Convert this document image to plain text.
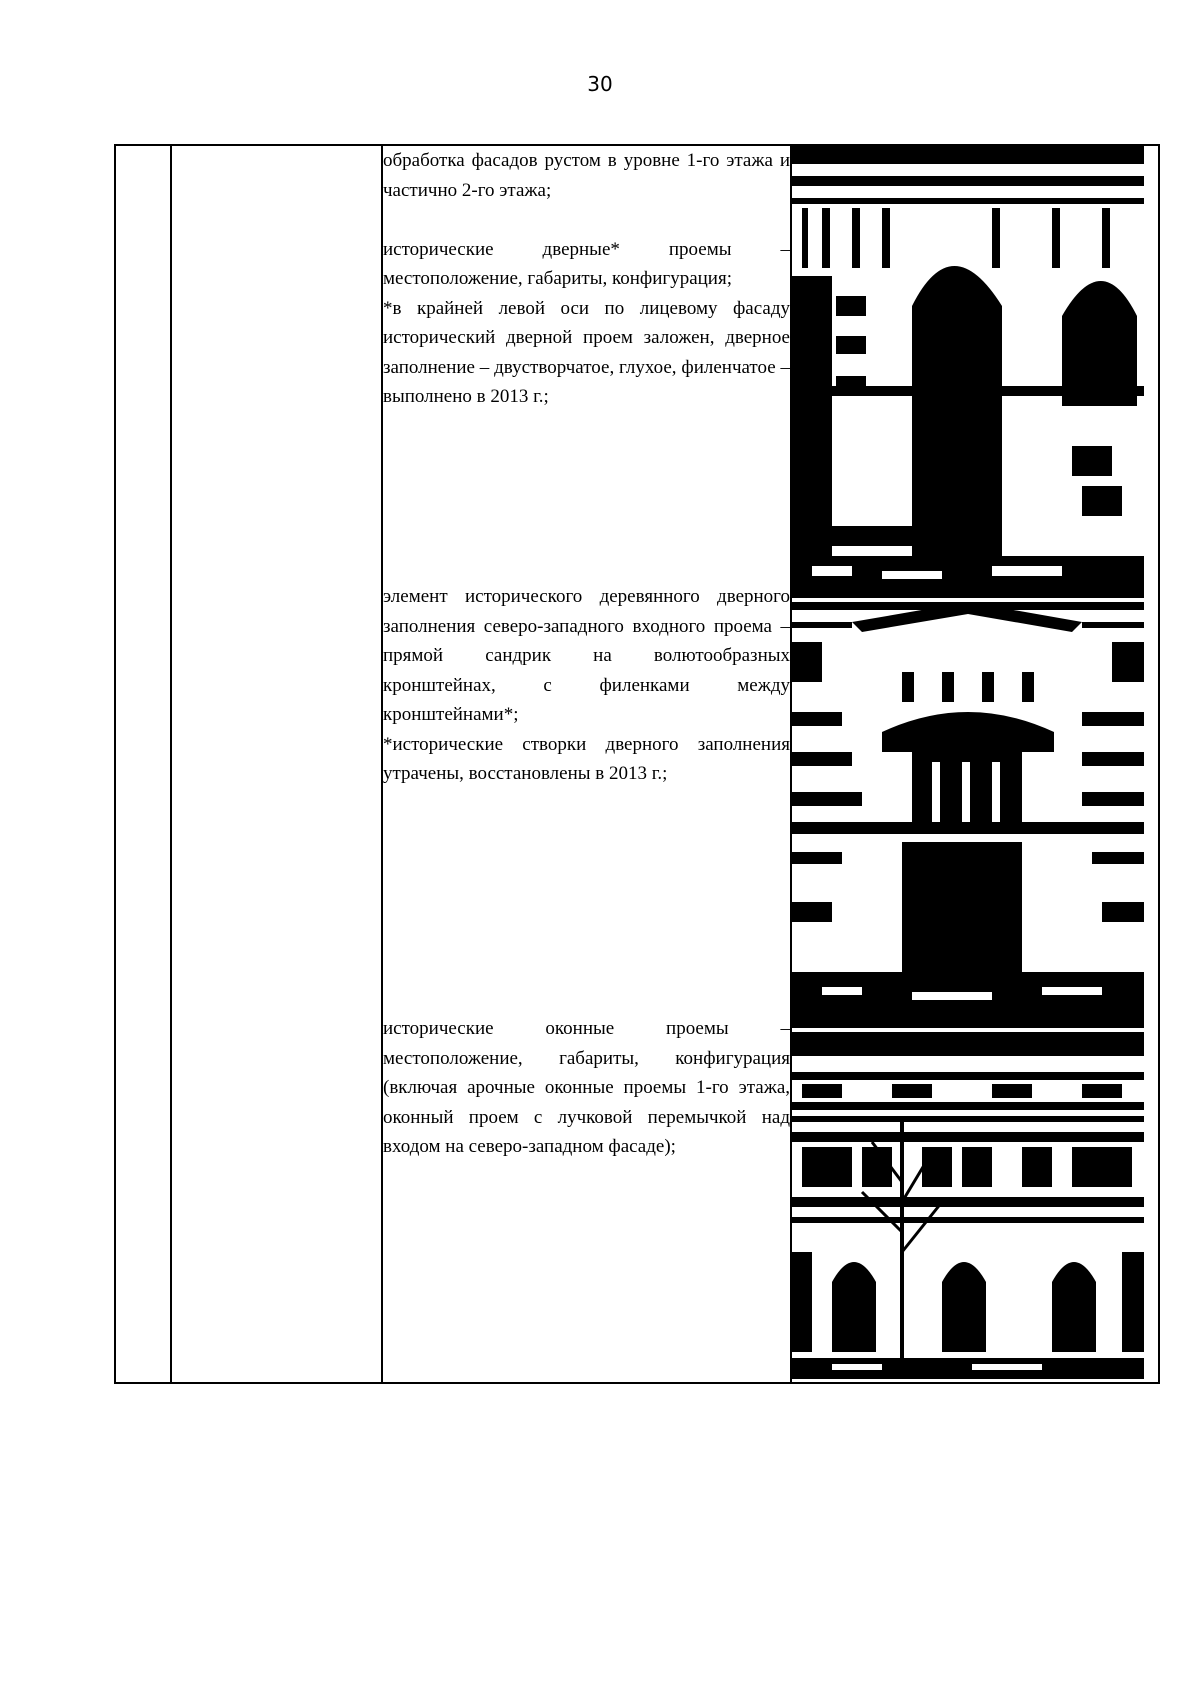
30

обработка фасадов рустом в уровне 1-го этажа и частично 2-го этажа;

исторические дверные* проемы – местоположение, габариты, конфигурация;

*в крайней левой оси по лицевому фасаду исторический дверной проем заложен, дверное заполнение – двустворчатое, глухое, филенчатое – выполнено в 2013 г.;

элемент исторического деревянного дверного заполнения северо-западного входного проема – прямой сандрик на волютообразных кронштейнах, с филенками между кронштейнами*;

*исторические створки дверного заполнения утрачены, восстановлены в 2013 г.;

исторические оконные проемы – местоположение, габариты, конфигурация (включая арочные оконные проемы 1-го этажа, оконный проем с лучковой перемычкой над входом на северо-западном фасаде);
